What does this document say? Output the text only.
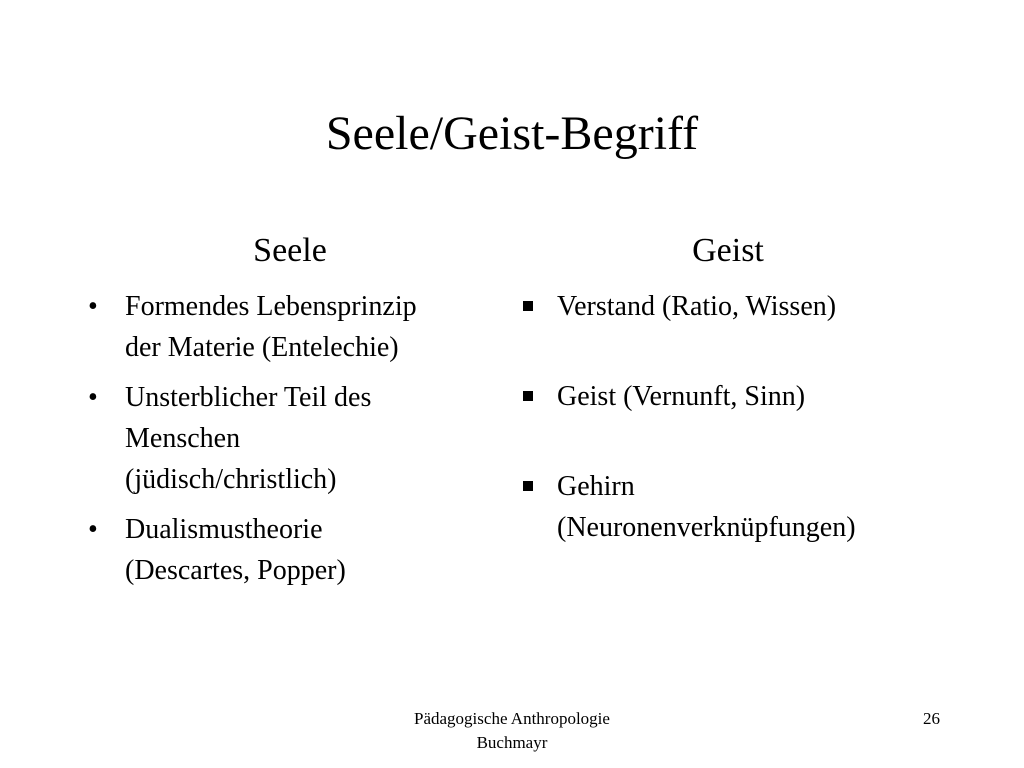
Seele/Geist-Begriff
Seele	Geist
• Formendes Lebensprinzip
der Materie (Entelechie)
• Unsterblicher Teil des
Menschen
(jüdisch/christlich)
• Dualismustheorie
(Descartes, Popper)
Verstand (Ratio, Wissen)
Geist (Vernunft, Sinn)
Gehirn
(Neuronenverknüpfungen)
Pädagogische Anthropologie
Buchmayr
26
